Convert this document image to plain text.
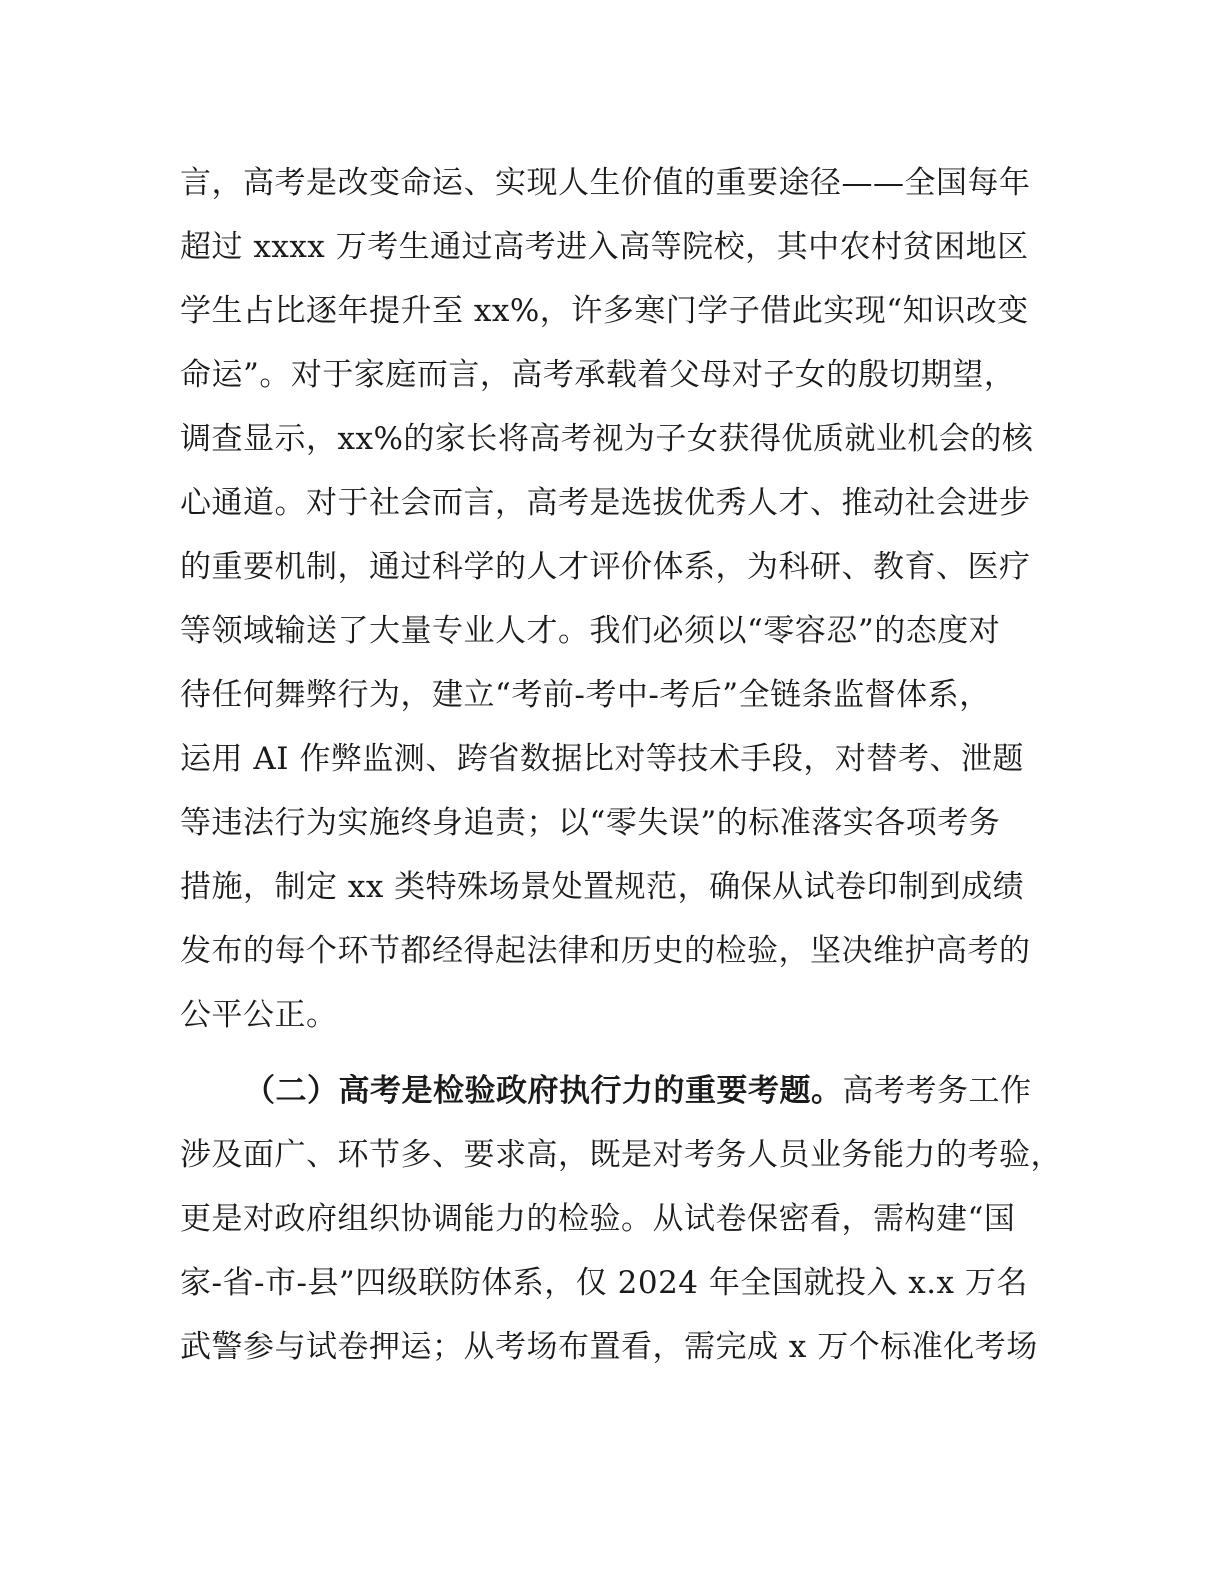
言，高考是改变命运、实现人生价值的重要途径——全国每年
超过 xxxx 万考生通过高考进入高等院校，其中农村贫困地区
学生占比逐年提升至 xx%，许多寒门学子借此实现“知识改变
命运”。对于家庭而言，高考承载着父母对子女的殷切期望，
调查显示，xx%的家长将高考视为子女获得优质就业机会的核
心通道。对于社会而言，高考是选拔优秀人才、推动社会进步
的重要机制，通过科学的人才评价体系，为科研、教育、医疗
等领域输送了大量专业人才。我们必须以“零容忍”的态度对
待任何舞弊行为，建立“考前-考中-考后”全链条监督体系，
运用 AI 作弊监测、跨省数据比对等技术手段，对替考、泄题
等违法行为实施终身追责；以“零失误”的标准落实各项考务
措施，制定 xx 类特殊场景处置规范，确保从试卷印制到成绩
发布的每个环节都经得起法律和历史的检验，坚决维护高考的
公平公正。
（二）高考是检验政府执行力的重要考题。高考考务工作
涉及面广、环节多、要求高，既是对考务人员业务能力的考验，
更是对政府组织协调能力的检验。从试卷保密看，需构建“国
家-省-市-县”四级联防体系，仅 2024 年全国就投入 x.x 万名
武警参与试卷押运；从考场布置看，需完成 x 万个标准化考场
